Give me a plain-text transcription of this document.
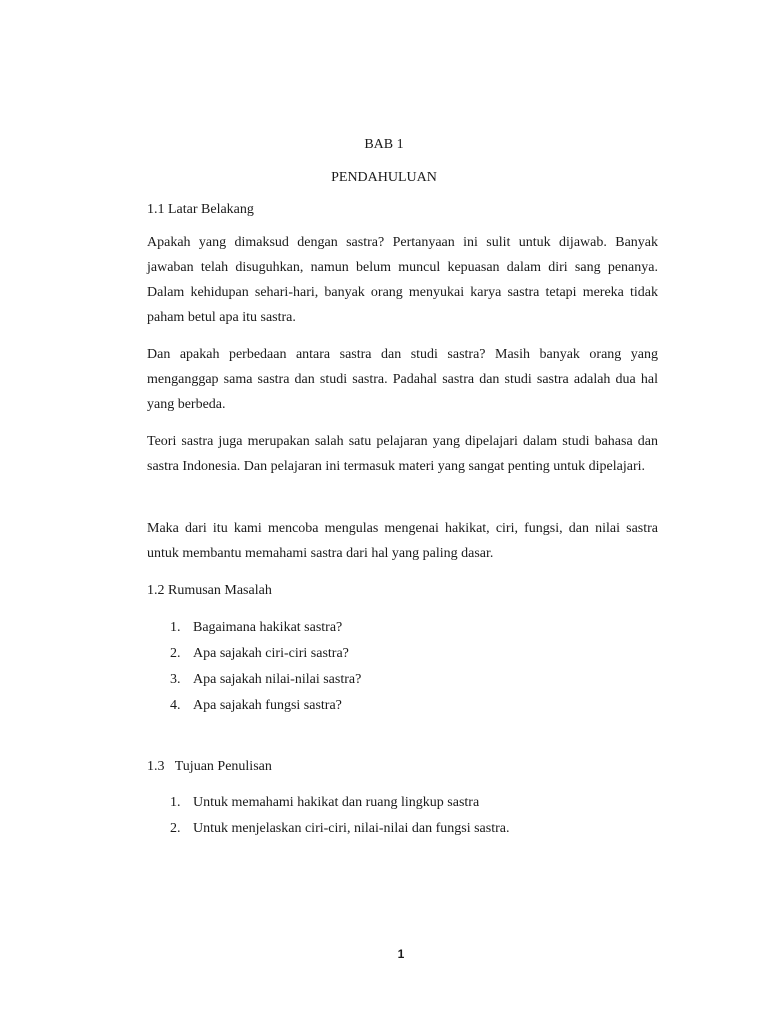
BAB 1
PENDAHULUAN
1.1 Latar Belakang

Apakah yang dimaksud dengan sastra? Pertanyaan ini sulit untuk dijawab. Banyak jawaban telah disuguhkan, namun belum muncul kepuasan dalam diri sang penanya. Dalam kehidupan sehari-hari, banyak orang menyukai karya sastra tetapi mereka tidak paham betul apa itu sastra.

Dan apakah perbedaan antara sastra dan studi sastra? Masih banyak orang yang menganggap sama sastra dan studi sastra. Padahal sastra dan studi sastra adalah dua hal yang berbeda.

Teori sastra juga merupakan salah satu pelajaran yang dipelajari dalam studi bahasa dan sastra Indonesia. Dan pelajaran ini termasuk materi yang sangat penting untuk dipelajari.

Maka dari itu kami mencoba mengulas mengenai hakikat, ciri, fungsi, dan nilai sastra untuk membantu memahami sastra dari hal yang paling dasar.

1.2 Rumusan Masalah
1. Bagaimana hakikat sastra?
2. Apa sajakah ciri-ciri sastra?
3. Apa sajakah nilai-nilai sastra?
4. Apa sajakah fungsi sastra?
1.3   Tujuan Penulisan
1. Untuk memahami hakikat dan ruang lingkup sastra
2. Untuk menjelaskan ciri-ciri, nilai-nilai dan fungsi sastra.
1
